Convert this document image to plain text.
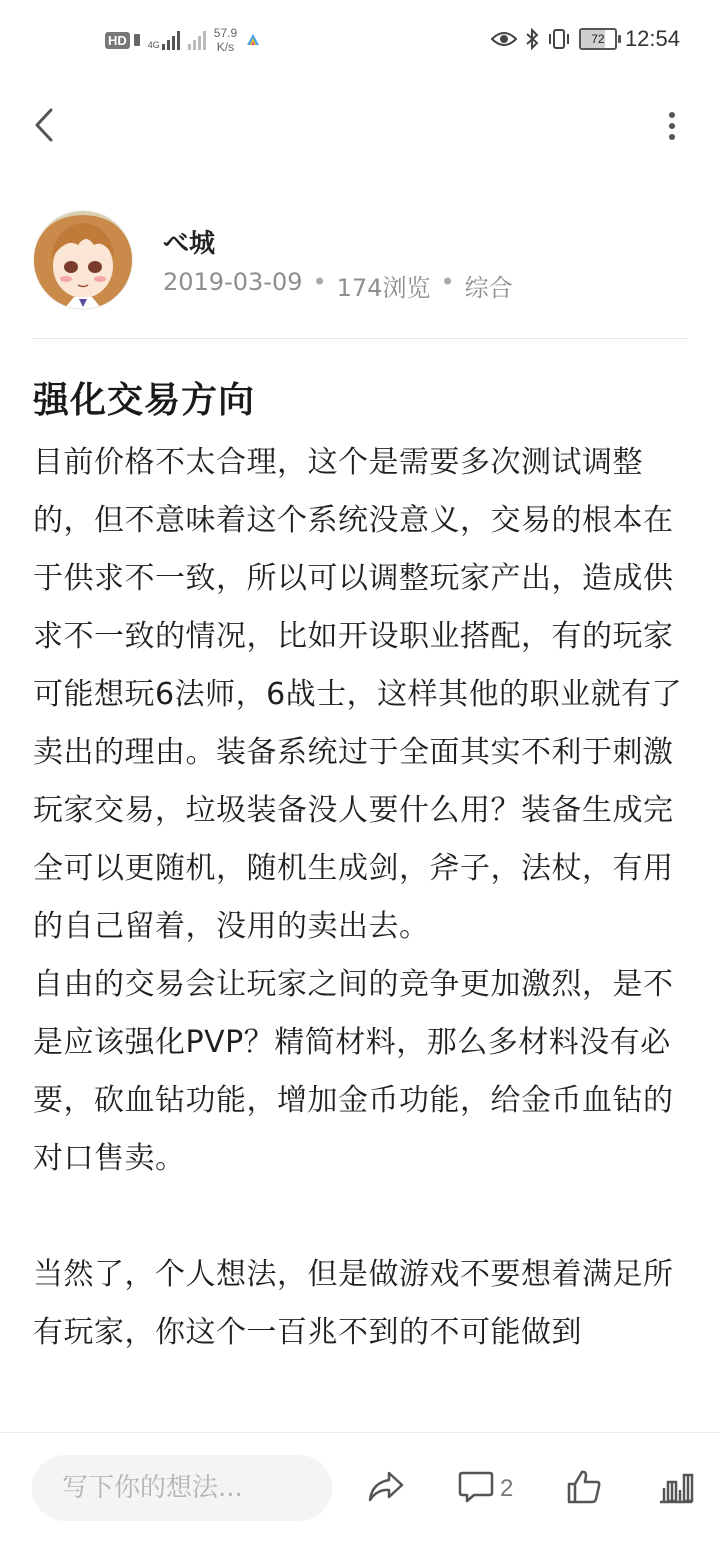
HD	4G
57.9
K/s
72 12:54
べ城
2019-03-09 • 174浏览 • 综合
强化交易方向

目前价格不太合理，这个是需要多次测试调整的，但不意味着这个系统没意义，交易的根本在于供求不一致，所以可以调整玩家产出，造成供求不一致的情况，比如开设职业搭配，有的玩家可能想玩6法师，6战士，这样其他的职业就有了卖出的理由。装备系统过于全面其实不利于刺激玩家交易，垃圾装备没人要什么用？装备生成完全可以更随机，随机生成剑，斧子，法杖，有用的自己留着，没用的卖出去。

自由的交易会让玩家之间的竞争更加激烈，是不是应该强化PVP？精简材料，那么多材料没有必要，砍血钻功能，增加金币功能，给金币血钻的对口售卖。

当然了，个人想法，但是做游戏不要想着满足所有玩家，你这个一百兆不到的不可能做到

写下你的想法...
2
